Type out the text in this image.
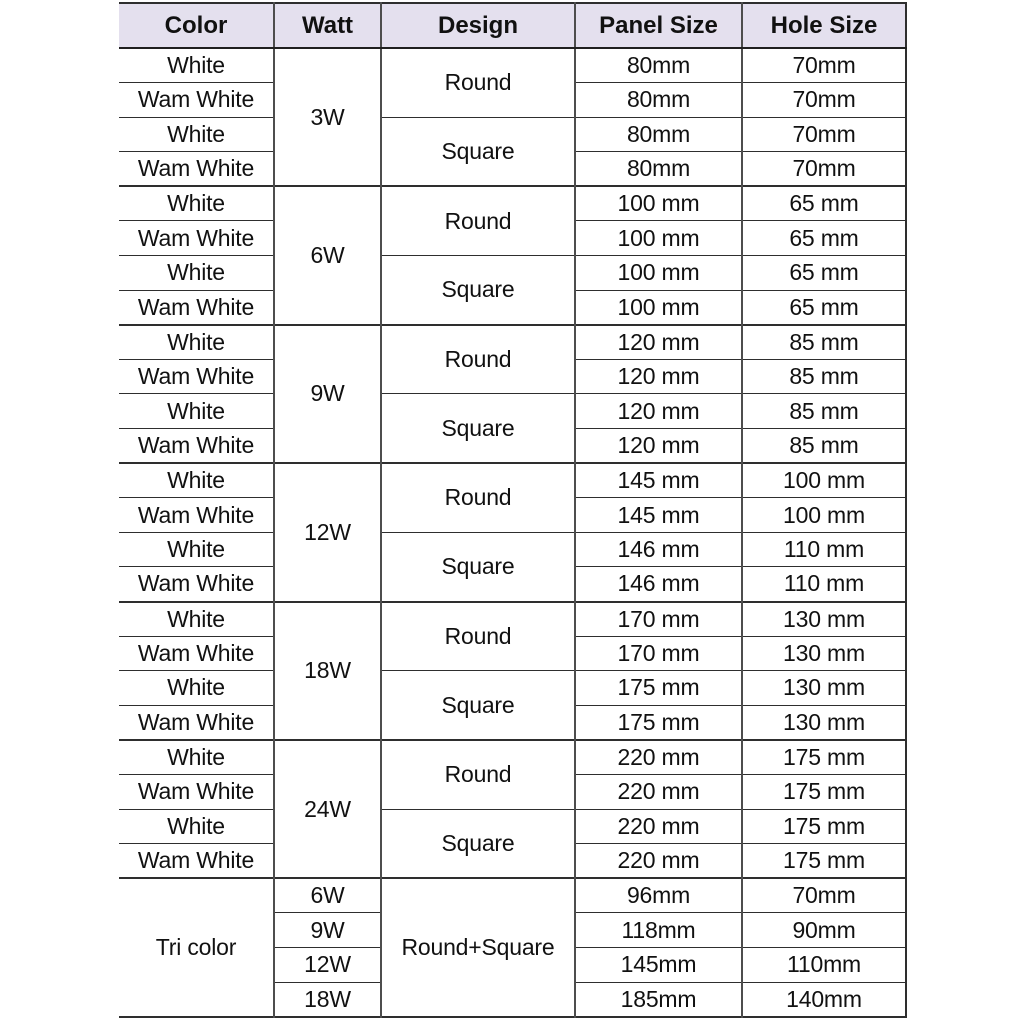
Color	Watt	Design	Panel Size	Hole Size
White	3W	Round	80mm	70mm
Wam White			80mm	70mm
White		Square	80mm	70mm
Wam White			80mm	70mm
White	6W	Round	100 mm	65 mm
Wam White			100 mm	65 mm
White		Square	100 mm	65 mm
Wam White			100 mm	65 mm
White	9W	Round	120 mm	85 mm
Wam White			120 mm	85 mm
White		Square	120 mm	85 mm
Wam White			120 mm	85 mm
White	12W	Round	145 mm	100 mm
Wam White			145 mm	100 mm
White		Square	146 mm	110 mm
Wam White			146 mm	110 mm
White	18W	Round	170 mm	130 mm
Wam White			170 mm	130 mm
White		Square	175 mm	130 mm
Wam White			175 mm	130 mm
White	24W	Round	220 mm	175 mm
Wam White			220 mm	175 mm
White		Square	220 mm	175 mm
Wam White			220 mm	175 mm
Tri color	6W	Round+Square	96mm	70mm
	9W		118mm	90mm
	12W		145mm	110mm
	18W		185mm	140mm
